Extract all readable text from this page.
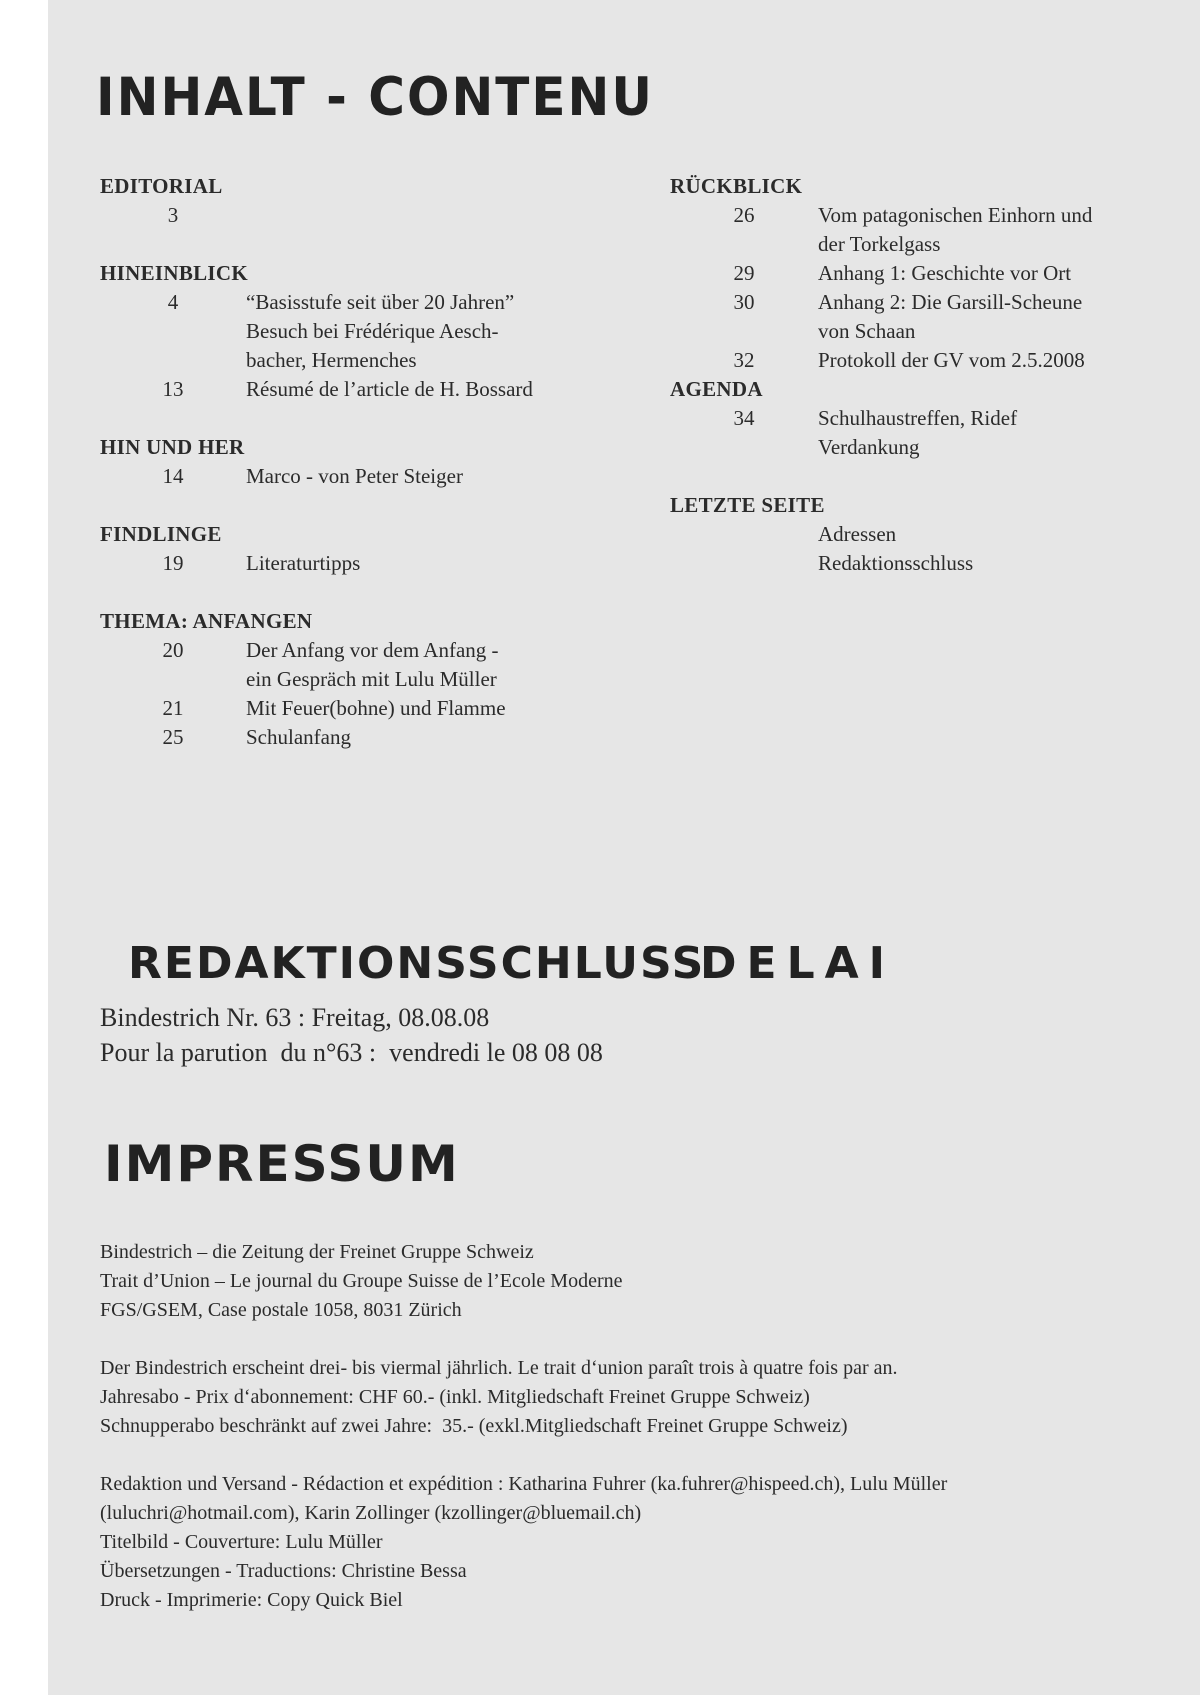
INHALT - CONTENU
EDITORIAL
3
HINEINBLICK
4	“Basisstufe seit über 20 Jahren”
Besuch bei Frédérique Aesch-
bacher, Hermenches
13	Résumé de l’article de H. Bossard
HIN UND HER
14	Marco - von Peter Steiger
FINDLINGE
19	Literaturtipps
THEMA: ANFANGEN
20	Der Anfang vor dem Anfang -
ein Gespräch mit Lulu Müller
21	Mit Feuer(bohne) und Flamme
25	Schulanfang
RÜCKBLICK
26	Vom patagonischen Einhorn und
der Torkelgass
29	Anhang 1: Geschichte vor Ort
30	Anhang 2: Die Garsill-Scheune
von Schaan
32	Protokoll der GV vom 2.5.2008
AGENDA
34	Schulhaustreffen, Ridef
Verdankung
LETZTE SEITE
Adressen
Redaktionsschluss
REDAKTIONSSCHLUSS
DELAI
Bindestrich Nr. 63 : Freitag, 08.08.08
Pour la parution  du n°63 :  vendredi le 08 08 08
IMPRESSUM
Bindestrich – die Zeitung der Freinet Gruppe Schweiz
Trait d’Union – Le journal du Groupe Suisse de l’Ecole Moderne
FGS/GSEM, Case postale 1058, 8031 Zürich
Der Bindestrich erscheint drei- bis viermal jährlich. Le trait d‘union paraît trois à quatre fois par an.
Jahresabo - Prix d‘abonnement: CHF 60.- (inkl. Mitgliedschaft Freinet Gruppe Schweiz)
Schnupperabo beschränkt auf zwei Jahre:  35.- (exkl.Mitgliedschaft Freinet Gruppe Schweiz)
Redaktion und Versand - Rédaction et expédition : Katharina Fuhrer (ka.fuhrer@hispeed.ch), Lulu Müller
(luluchri@hotmail.com), Karin Zollinger (kzollinger@bluemail.ch)
Titelbild - Couverture: Lulu Müller
Übersetzungen - Traductions: Christine Bessa
Druck - Imprimerie: Copy Quick Biel
